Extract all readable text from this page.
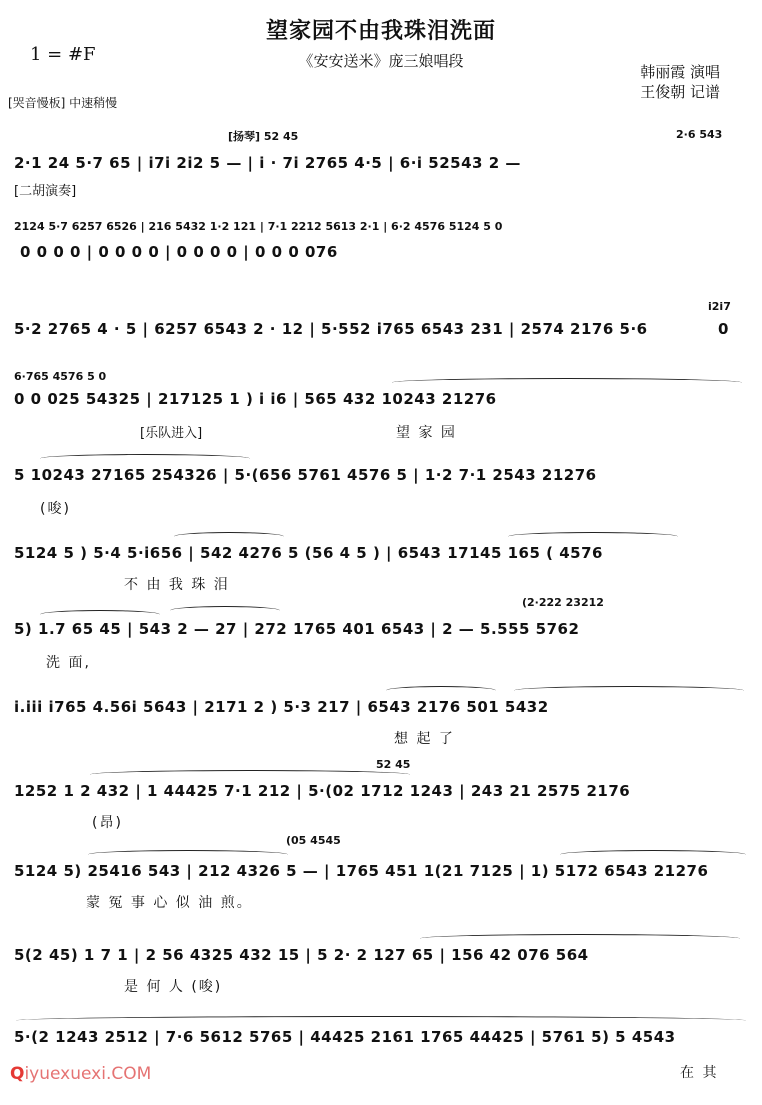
望家园不由我珠泪洗面
《安安送米》庞三娘唱段
1 = #F
韩丽霞 演唱
王俊朝 记谱
[哭音慢板] 中速稍慢
[扬琴] 52 45	2·6 543
2·1 24 5·7 65 | i7i 2i2 5 — | i · 7i 2765 4·5 | 6·i 52543 2 —
[二胡演奏]
2124 5·7 6257 6526 | 216 5432 1·2 121 | 7·1 2212 5613 2·1 | 6·2 4576 5124 5 0
0 0 0 0 | 0 0 0 0 | 0 0 0 0 | 0 0 0 076
5·2 2765 4 · 5 | 6257 6543 2 · 12 | 5·552 i765 6543 231 | 2574 2176 5·6
i2i7
0
6·765 4576 5 0
0 0 025 54325 | 217125 1 ) i i6 | 565 432 10243 21276
[乐队进入]	望 家 园
5 10243 27165 254326 | 5·(656 5761 4576 5 | 1·2 7·1 2543 21276
(唆)
5124 5 ) 5·4 5·i656 | 542 4276 5 (56 4 5 ) | 6543 17145 165 ( 4576
不 由 我 珠 泪
(2·222 23212
5) 1.7 65 45 | 543 2 — 27 | 272 1765 401 6543 | 2 — 5.555 5762
洗 面,
i.iii i765 4.56i 5643 | 2171 2 ) 5·3 217 | 6543 2176 501 5432
想 起 了
52 45
1252 1 2 432 | 1 44425 7·1 212 | 5·(02 1712 1243 | 243 21 2575 2176
(昂)
(05 4545
5124 5) 25416 543 | 212 4326 5 — | 1765 451 1(21 7125 | 1) 5172 6543 21276
蒙 冤 事 心 似 油 煎。
5(2 45) 1 7 1 | 2 56 4325 432 15 | 5 2· 2 127 65 | 156 42 076 564
是 何 人 (唆)
5·(2 1243 2512 | 7·6 5612 5765 | 44425 2161 1765 44425 | 5761 5) 5 4543
在 其
Qiyuexuexi.COM
